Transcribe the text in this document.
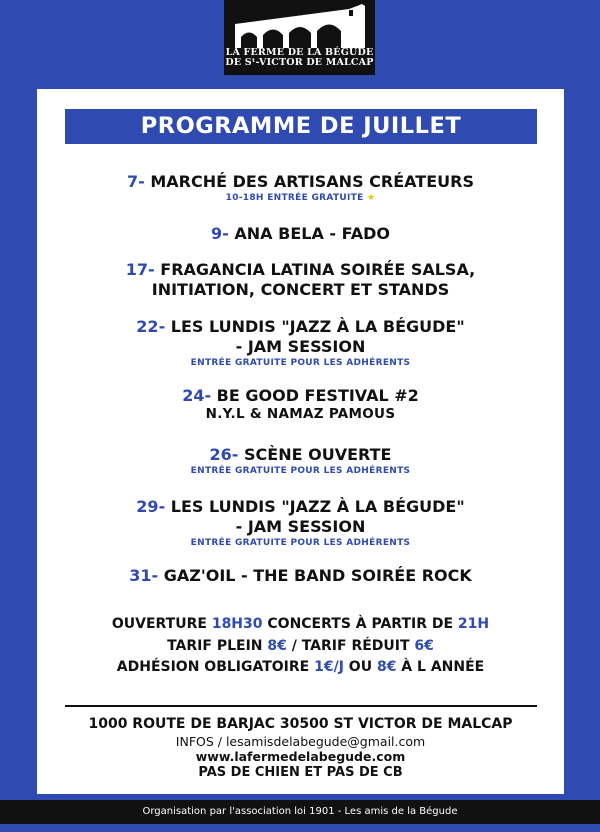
LA FERME DE LA BÉGUDE
DE Sᵗ-VICTOR DE MALCAP
PROGRAMME DE JUILLET
7- MARCHÉ DES ARTISANS CRÉATEURS
10-18H ENTRÉE GRATUITE ★
9- ANA BELA - FADO
17- FRAGANCIA LATINA SOIRÉE SALSA,
INITIATION, CONCERT ET STANDS
22- LES LUNDIS "JAZZ À LA BÉGUDE"
- JAM SESSION
ENTRÉE GRATUITE POUR LES ADHÉRENTS
24- BE GOOD FESTIVAL #2
N.Y.L & NAMAZ PAMOUS
26- SCÈNE OUVERTE
ENTRÉE GRATUITE POUR LES ADHÉRENTS
29- LES LUNDIS "JAZZ À LA BÉGUDE"
- JAM SESSION
ENTRÉE GRATUITE POUR LES ADHÉRENTS
31- GAZ'OIL - THE BAND SOIRÉE ROCK
OUVERTURE 18H30 CONCERTS À PARTIR DE 21H
TARIF PLEIN 8€ / TARIF RÉDUIT 6€
ADHÉSION OBLIGATOIRE 1€/J OU 8€ À L ANNÉE
1000 ROUTE DE BARJAC 30500 ST VICTOR DE MALCAP
INFOS / lesamisdelabegude@gmail.com
www.lafermedelabegude.com
PAS DE CHIEN ET PAS DE CB
Organisation par l'association loi 1901 - Les amis de la Bégude
